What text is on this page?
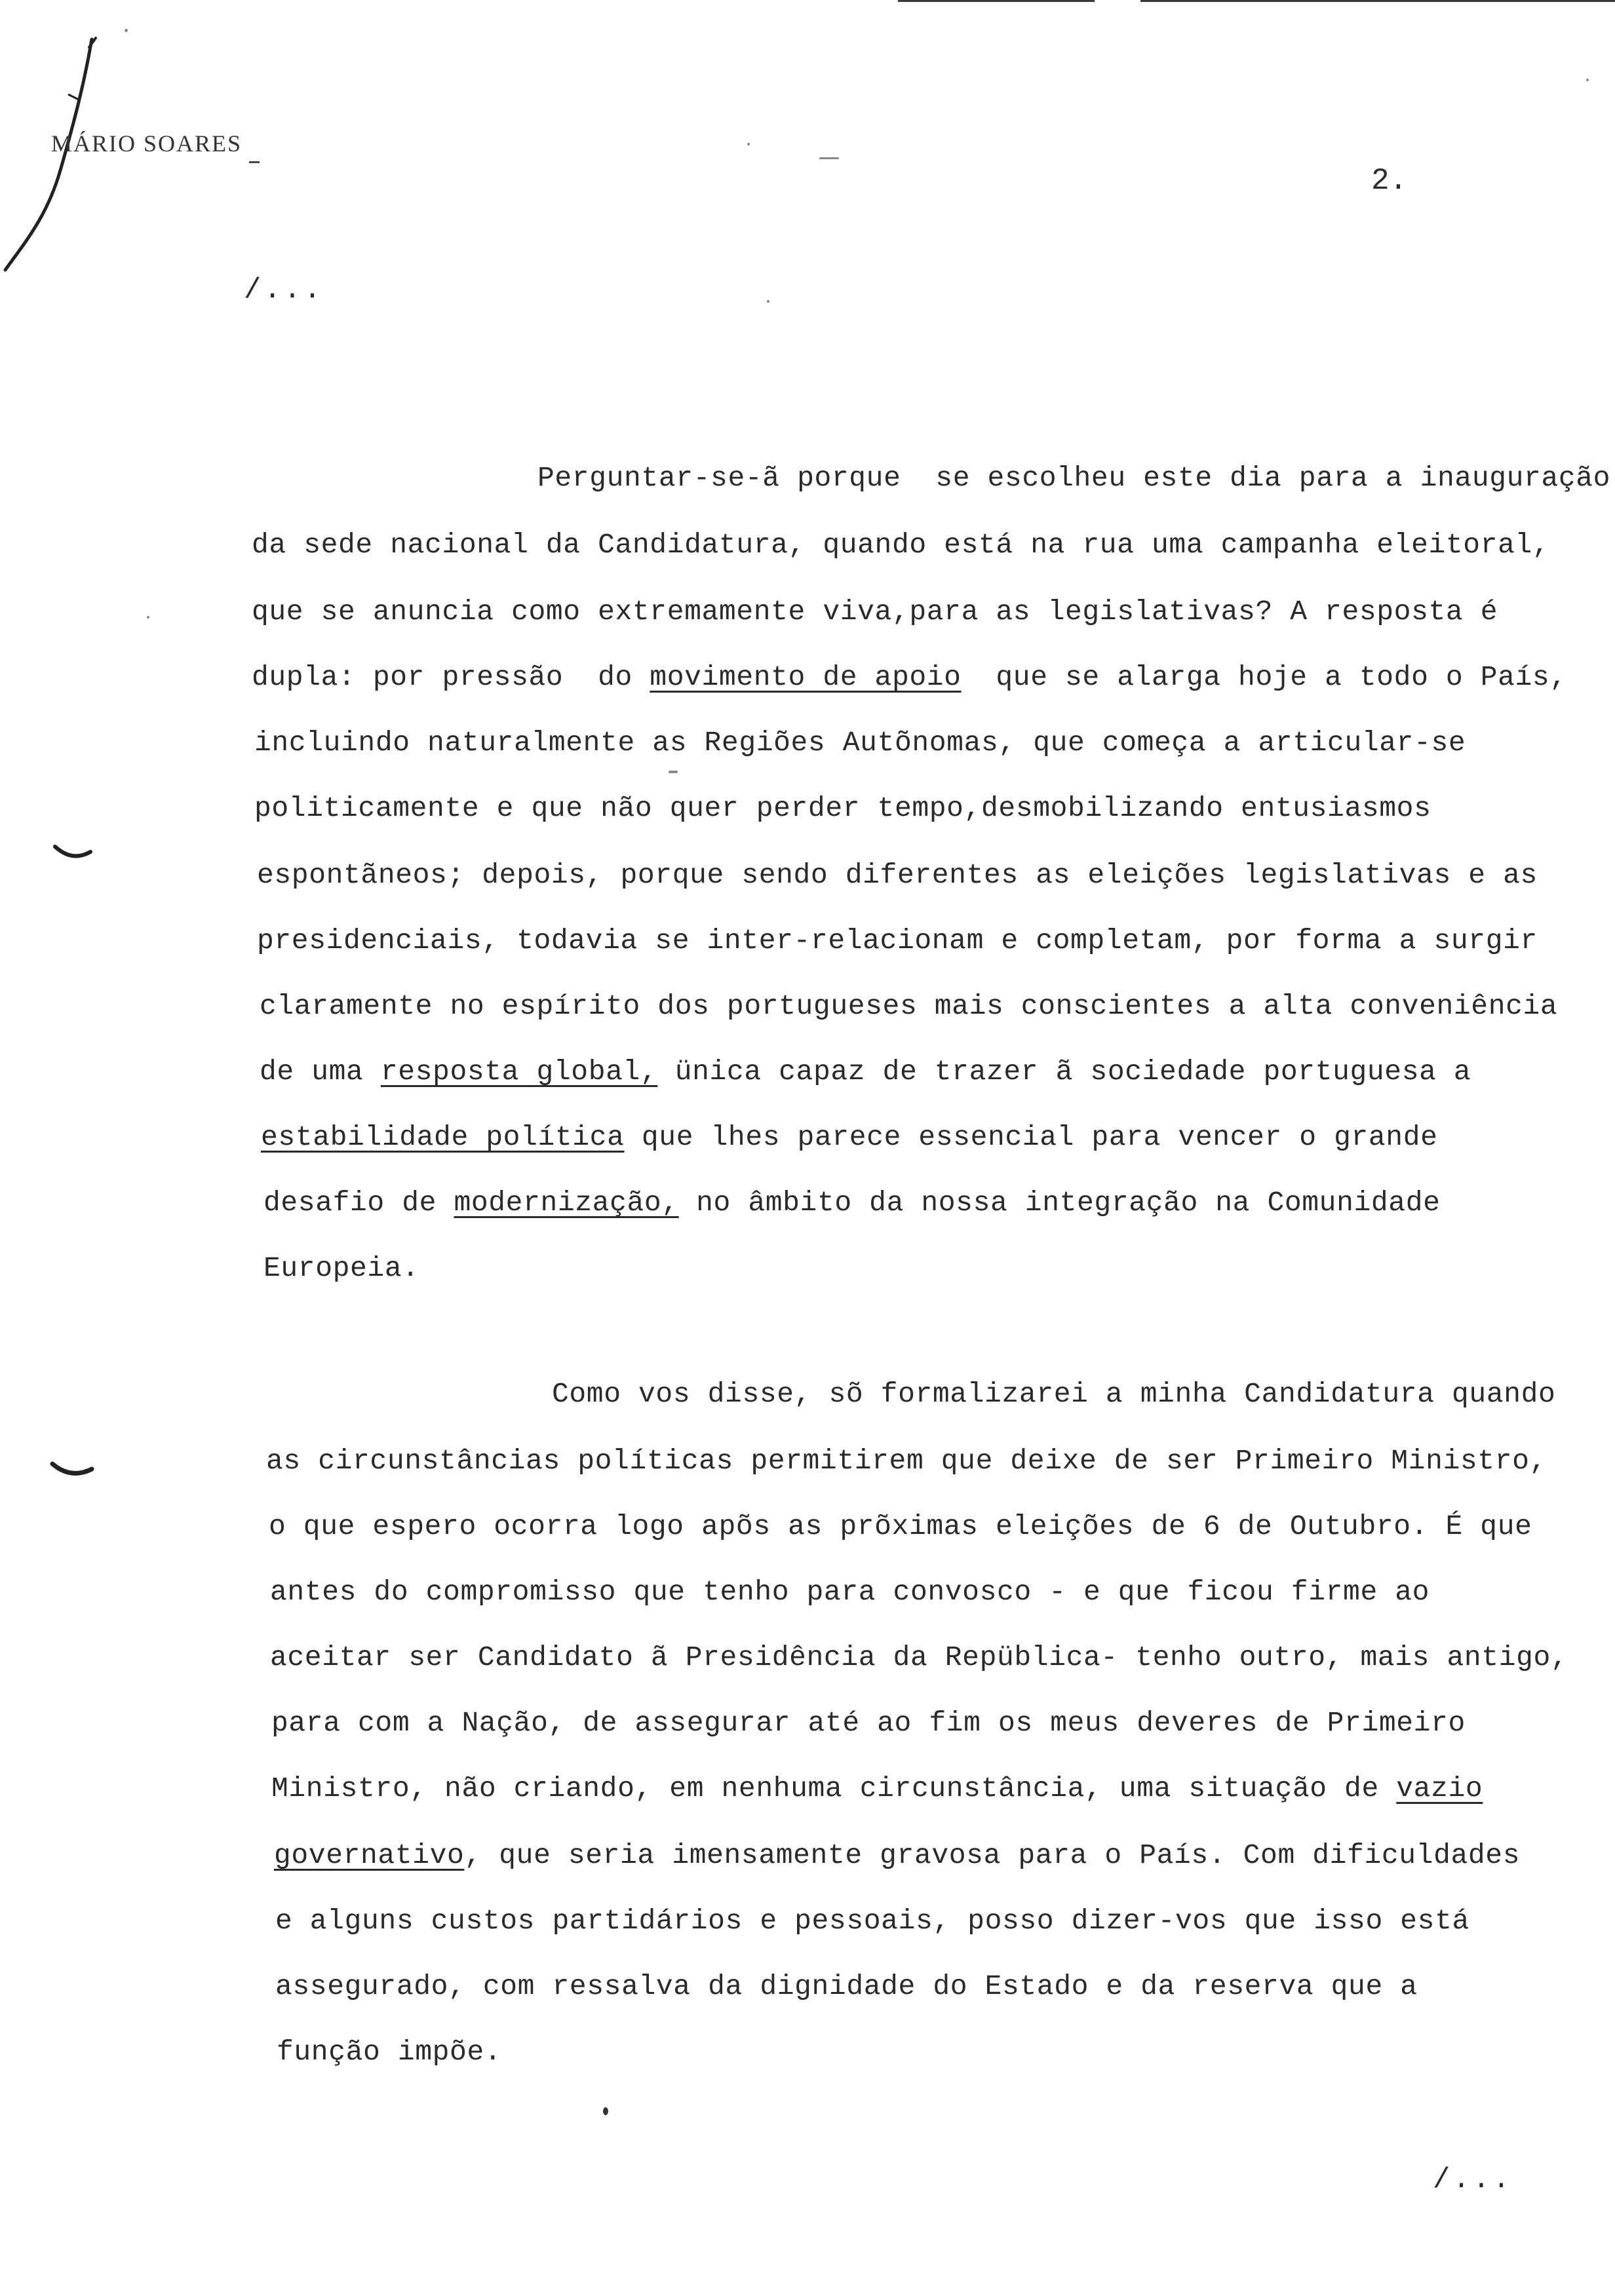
MÁRIO SOARES
2.
/...
Perguntar-se-ã porque  se escolheu este dia para a inauguração
da sede nacional da Candidatura, quando está na rua uma campanha eleitoral,
que se anuncia como extremamente viva,para as legislativas? A resposta é
dupla: por pressão  do movimento de apoio  que se alarga hoje a todo o País,
incluindo naturalmente as Regiões Autõnomas, que começa a articular-se
politicamente e que não quer perder tempo,desmobilizando entusiasmos
espontãneos; depois, porque sendo diferentes as eleições legislativas e as
presidenciais, todavia se inter-relacionam e completam, por forma a surgir
claramente no espírito dos portugueses mais conscientes a alta conveniência
de uma resposta global, ünica capaz de trazer ã sociedade portuguesa a
estabilidade política que lhes parece essencial para vencer o grande
desafio de modernização, no âmbito da nossa integração na Comunidade
Europeia.
Como vos disse, sõ formalizarei a minha Candidatura quando
as circunstâncias políticas permitirem que deixe de ser Primeiro Ministro,
o que espero ocorra logo apõs as prõximas eleições de 6 de Outubro. É que
antes do compromisso que tenho para convosco - e que ficou firme ao
aceitar ser Candidato ã Presidência da Repüblica- tenho outro, mais antigo,
para com a Nação, de assegurar até ao fim os meus deveres de Primeiro
Ministro, não criando, em nenhuma circunstância, uma situação de vazio
governativo, que seria imensamente gravosa para o País. Com dificuldades
e alguns custos partidários e pessoais, posso dizer-vos que isso está
assegurado, com ressalva da dignidade do Estado e da reserva que a
função impõe.
/...
